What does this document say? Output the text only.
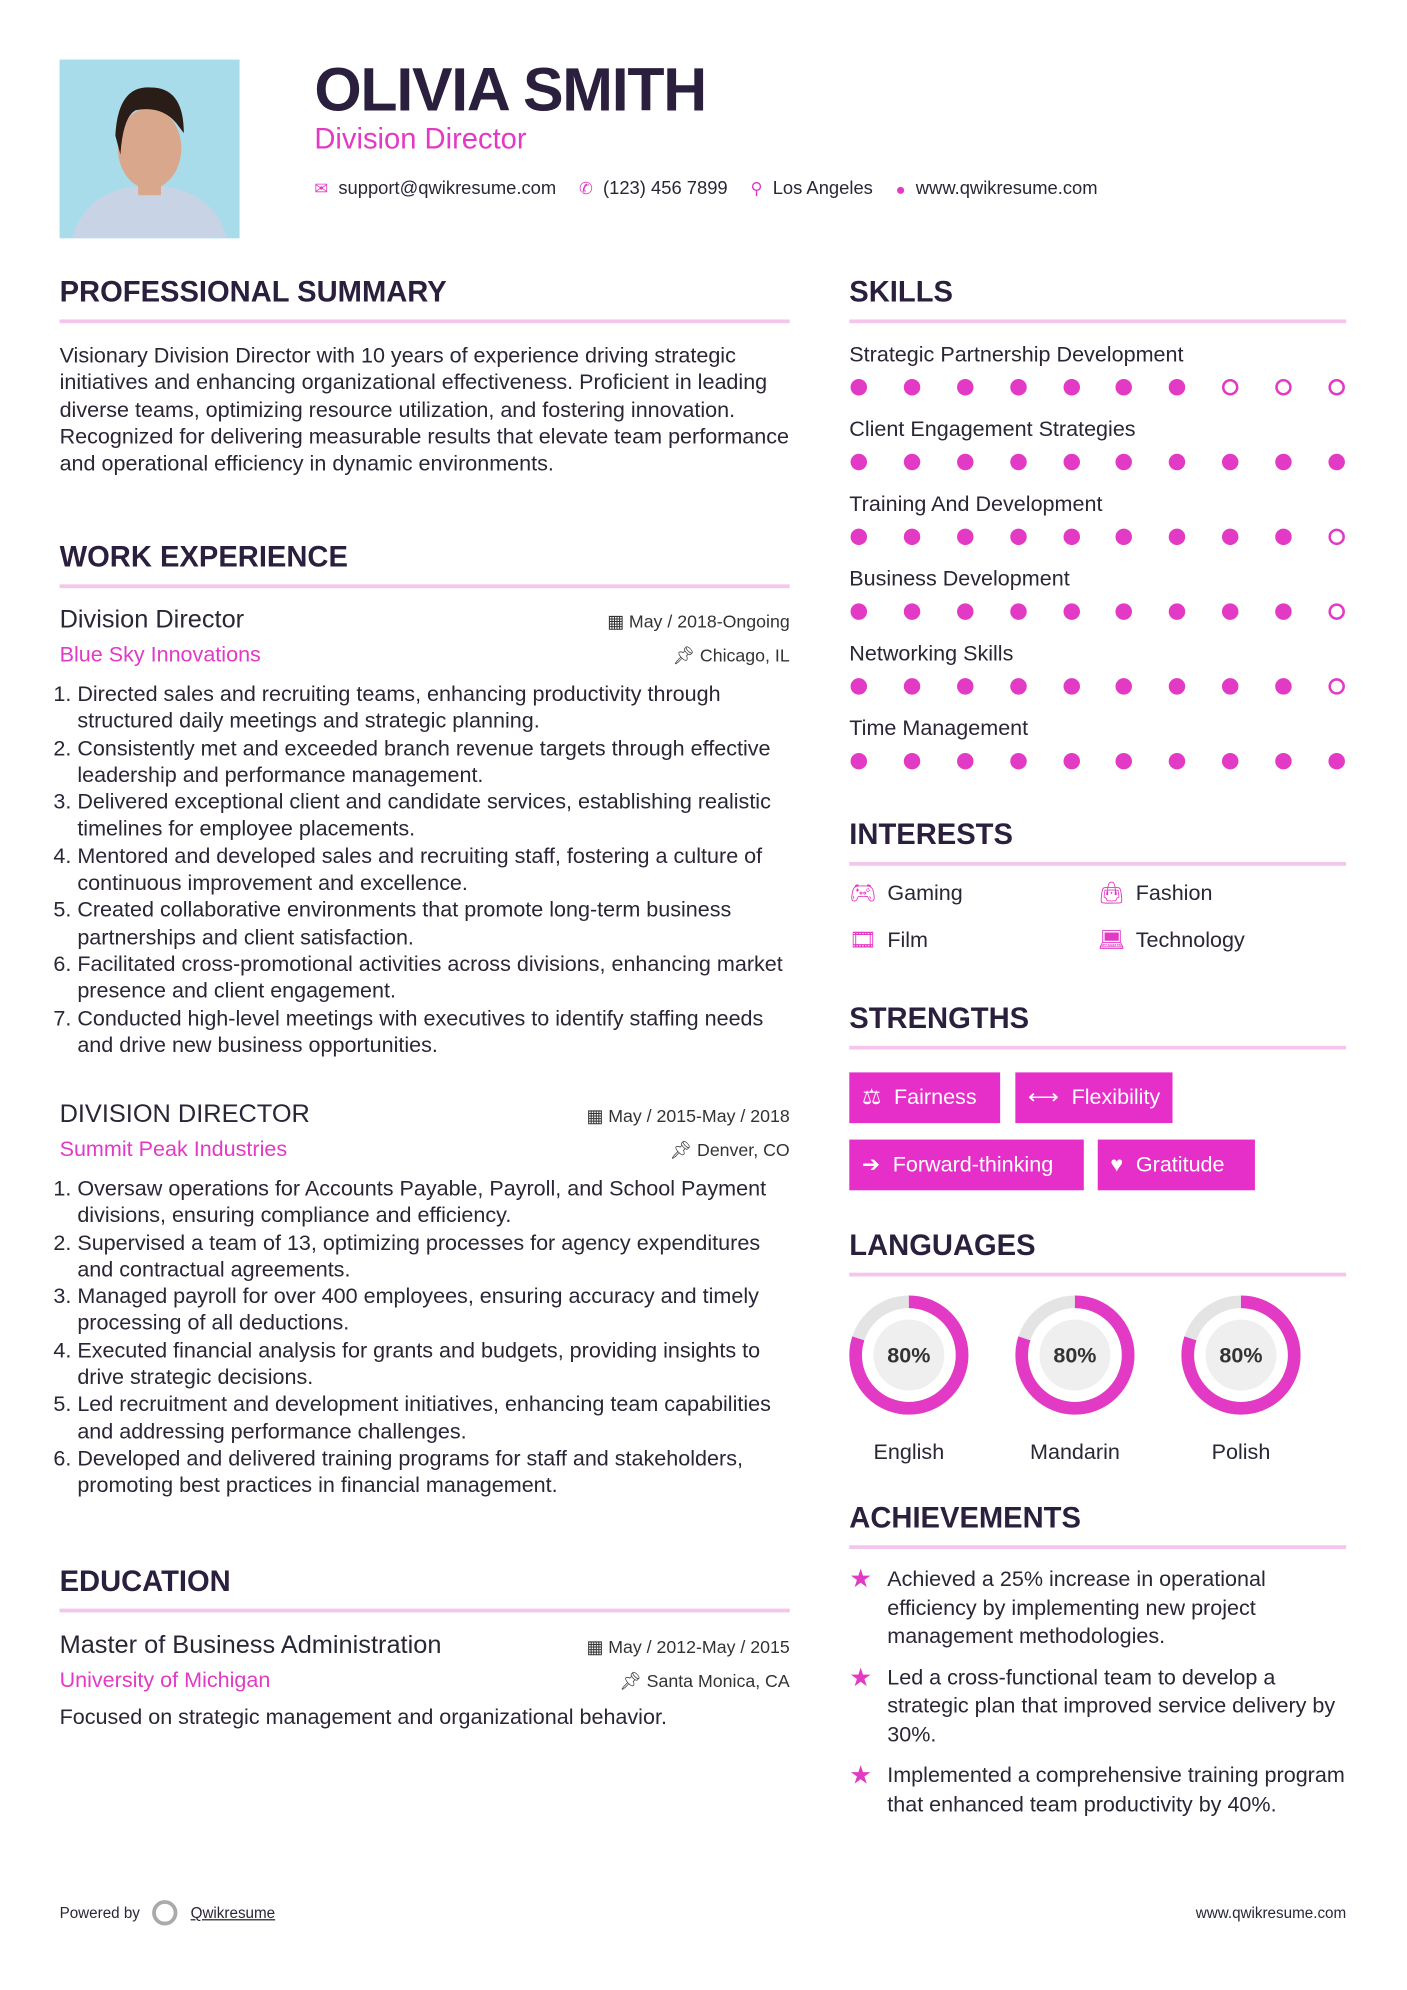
OLIVIA SMITH
Division Director
✉ support@qwikresume.com ✆ (123) 456 7899 ⚲ Los Angeles ● www.qwikresume.com
PROFESSIONAL SUMMARY
Visionary Division Director with 10 years of experience driving strategic initiatives and enhancing organizational effectiveness. Proficient in leading diverse teams, optimizing resource utilization, and fostering innovation. Recognized for delivering measurable results that elevate team performance and operational efficiency in dynamic environments.
WORK EXPERIENCE
Division Director	▦ May / 2018-Ongoing
Blue Sky Innovations	📌︎ Chicago, IL
1. Directed sales and recruiting teams, enhancing productivity through structured daily meetings and strategic planning.
2. Consistently met and exceeded branch revenue targets through effective leadership and performance management.
3. Delivered exceptional client and candidate services, establishing realistic timelines for employee placements.
4. Mentored and developed sales and recruiting staff, fostering a culture of continuous improvement and excellence.
5. Created collaborative environments that promote long-term business partnerships and client satisfaction.
6. Facilitated cross-promotional activities across divisions, enhancing market presence and client engagement.
7. Conducted high-level meetings with executives to identify staffing needs and drive new business opportunities.
DIVISION DIRECTOR	▦ May / 2015-May / 2018
Summit Peak Industries	📌︎ Denver, CO
1. Oversaw operations for Accounts Payable, Payroll, and School Payment divisions, ensuring compliance and efficiency.
2. Supervised a team of 13, optimizing processes for agency expenditures and contractual agreements.
3. Managed payroll for over 400 employees, ensuring accuracy and timely processing of all deductions.
4. Executed financial analysis for grants and budgets, providing insights to drive strategic decisions.
5. Led recruitment and development initiatives, enhancing team capabilities and addressing performance challenges.
6. Developed and delivered training programs for staff and stakeholders, promoting best practices in financial management.
EDUCATION
Master of Business Administration	▦ May / 2012-May / 2015
University of Michigan	📌︎ Santa Monica, CA
Focused on strategic management and organizational behavior.
SKILLS
Strategic Partnership Development
Client Engagement Strategies
Training And Development
Business Development
Networking Skills
Time Management
INTERESTS
🎮︎ Gaming	👜︎ Fashion
🎞︎ Film	💻︎ Technology
STRENGTHS
⚖ Fairness	⟷ Flexibility
➔ Forward-thinking	♥ Gratitude
LANGUAGES
80%
English
80%
Mandarin
80%
Polish
ACHIEVEMENTS
★ Achieved a 25% increase in operational efficiency by implementing new project management methodologies.
★ Led a cross-functional team to develop a strategic plan that improved service delivery by 30%.
★ Implemented a comprehensive training program that enhanced team productivity by 40%.
Powered by	Qwikresume	www.qwikresume.com
